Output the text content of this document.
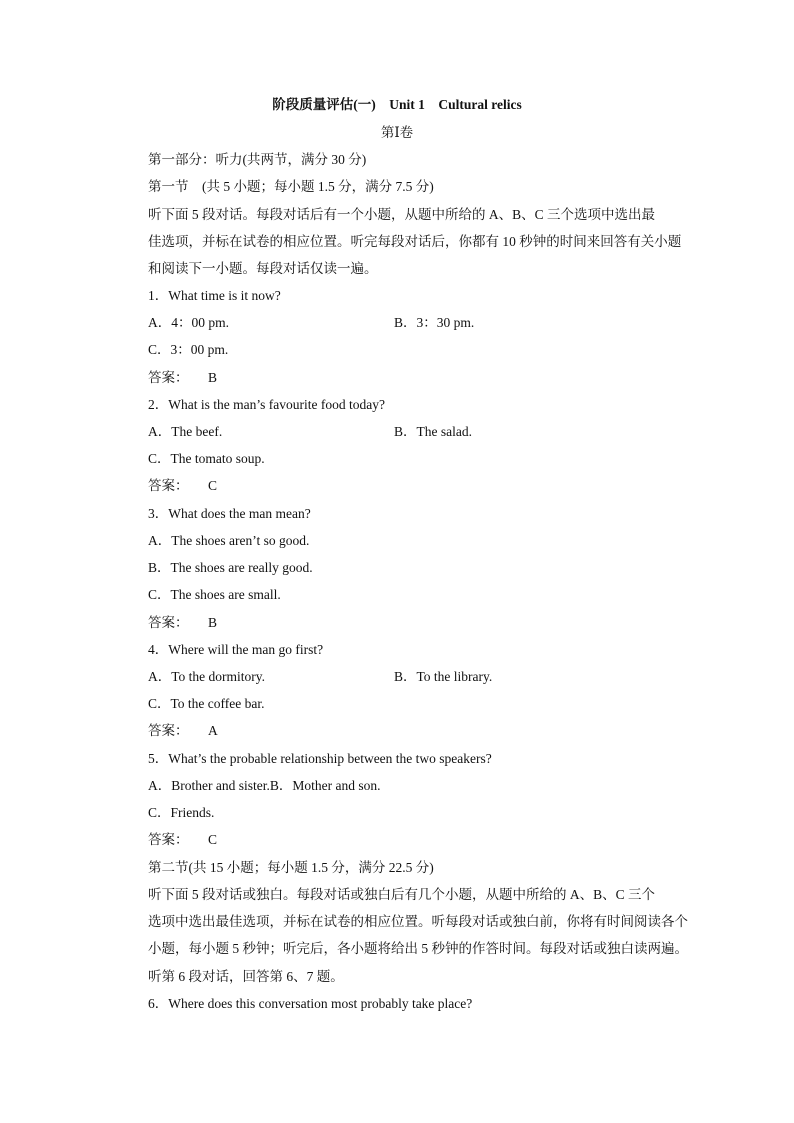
阶段质量评估(一) Unit 1 Cultural relics
第Ⅰ卷
第一部分：听力(共两节，满分 30 分)
第一节　(共 5 小题；每小题 1.5 分，满分 7.5 分)
听下面 5 段对话。每段对话后有一个小题，从题中所给的 A、B、C 三个选项中选出最
佳选项，并标在试卷的相应位置。听完每段对话后，你都有 10 秒钟的时间来回答有关小题
和阅读下一小题。每段对话仅读一遍。
1．What time is it now?
A．4：00 pm.	B．3：30 pm.
C．3：00 pm.
答案： B
2．What is the man’s favourite food today?
A．The beef.	B．The salad.
C．The tomato soup.
答案： C
3．What does the man mean?
A．The shoes aren’t so good.
B．The shoes are really good.
C．The shoes are small.
答案： B
4．Where will the man go first?
A．To the dormitory.	B．To the library.
C．To the coffee bar.
答案： A
5．What’s the probable relationship between the two speakers?
A．Brother and sister.B．Mother and son.
C．Friends.
答案： C
第二节(共 15 小题；每小题 1.5 分，满分 22.5 分)
听下面 5 段对话或独白。每段对话或独白后有几个小题，从题中所给的 A、B、C 三个
选项中选出最佳选项，并标在试卷的相应位置。听每段对话或独白前，你将有时间阅读各个
小题，每小题 5 秒钟；听完后，各小题将给出 5 秒钟的作答时间。每段对话或独白读两遍。
听第 6 段对话，回答第 6、7 题。
6．Where does this conversation most probably take place?
